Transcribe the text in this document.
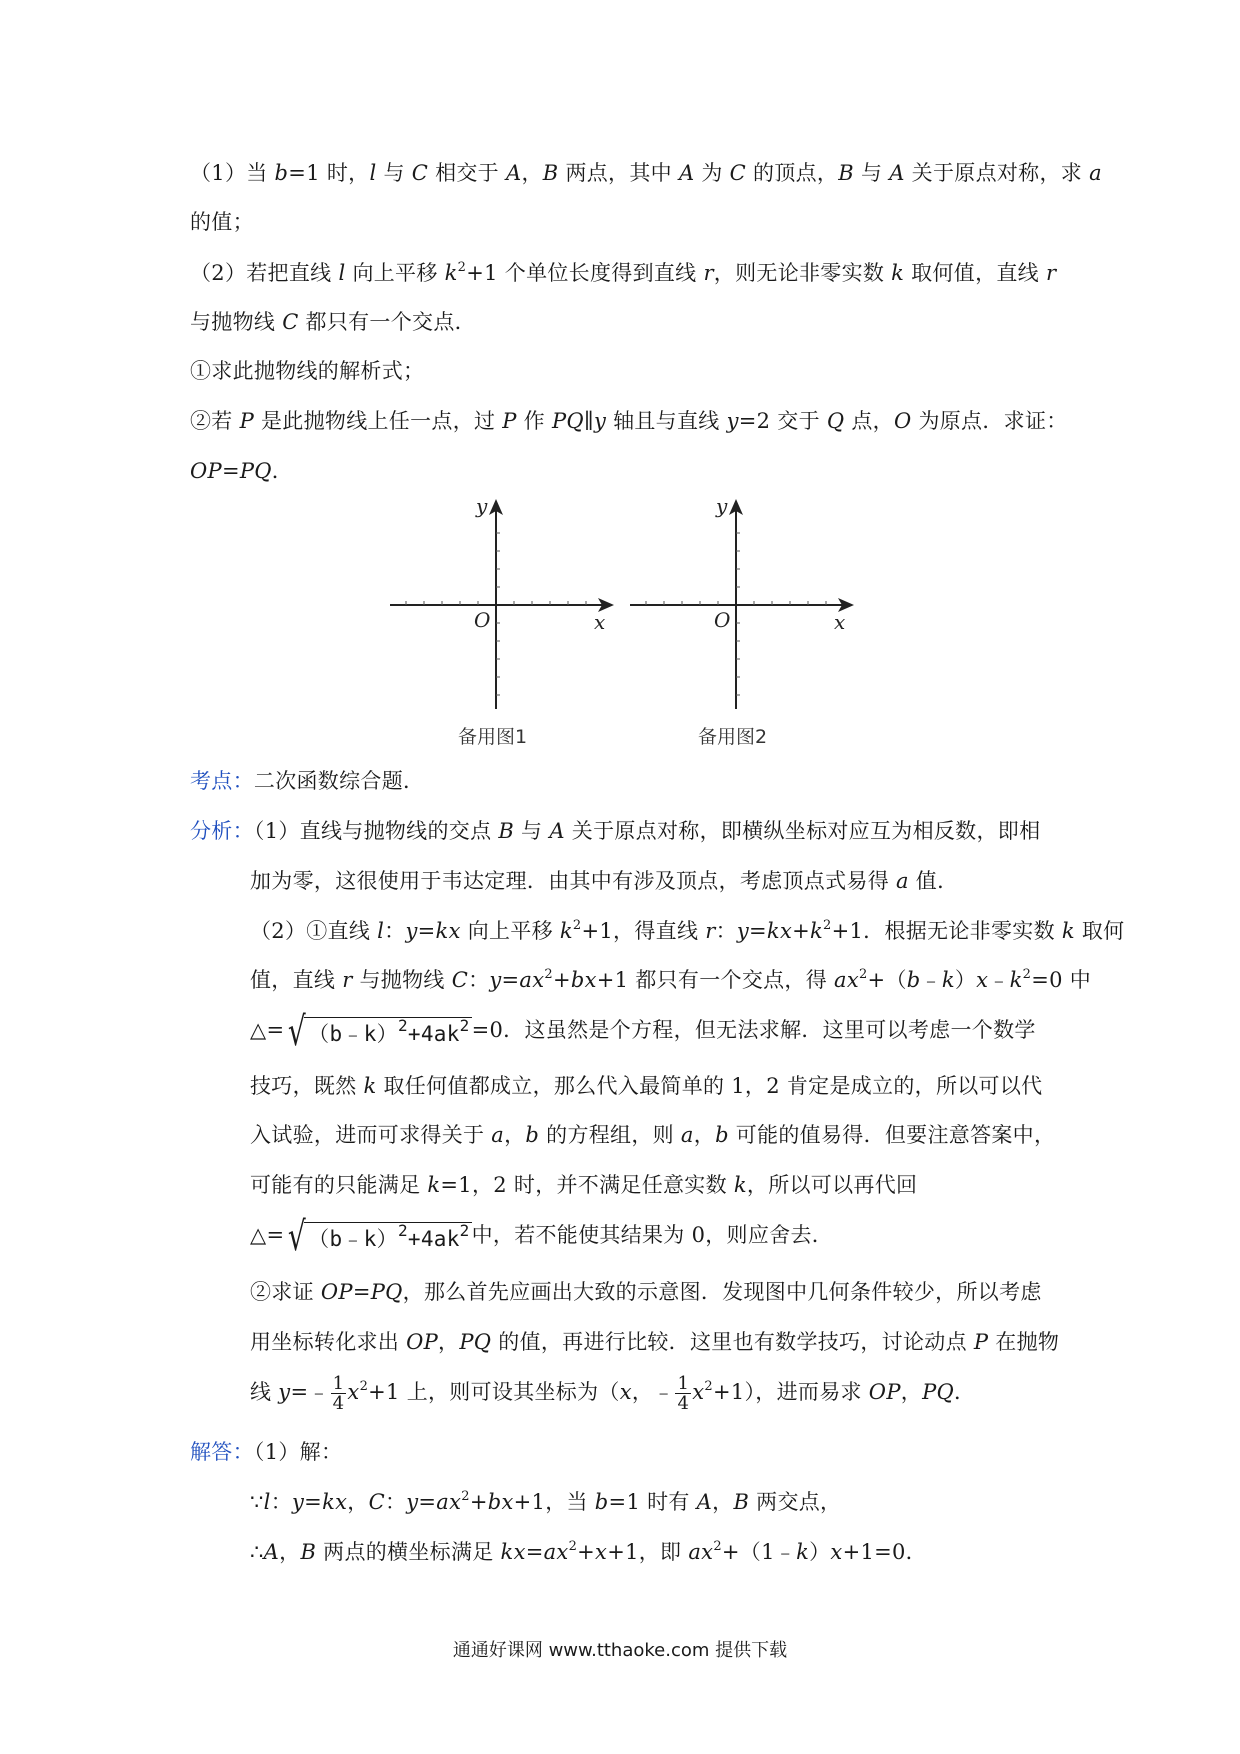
（1）当 b=1 时，l 与 C 相交于 A，B 两点，其中 A 为 C 的顶点，B 与 A 关于原点对称，求 a
的值；
（2）若把直线 l 向上平移 $k^2+1$ 个单位长度得到直线 r，则无论非零实数 k 取何值，直线 r
与抛物线 C 都只有一个交点．
①求此抛物线的解析式；
②若 P 是此抛物线上任一点，过 P 作 PQ∥y 轴且与直线 y=2 交于 Q 点，O 为原点．求证：
OP=PQ．
y
x
O
备用图1
y
x
O
备用图2
考点：二次函数综合题．
分析：（1）直线与抛物线的交点 B 与 A 关于原点对称，即横纵坐标对应互为相反数，即相
加为零，这很使用于韦达定理．由其中有涉及顶点，考虑顶点式易得 a 值．
（2）①直线 l：y=kx 向上平移 $k^2+1$，得直线 r：$y=kx+k^2+1$．根据无论非零实数 k 取何
值，直线 r 与抛物线 C：$y=ax^2+bx+1$ 都只有一个交点，得 $ax^2+(b﹣k)x﹣k^2=0$ 中
$\triangle=√(b﹣k)^2+4ak^2=0$．这虽然是个方程，但无法求解．这里可以考虑一个数学
技巧，既然 k 取任何值都成立，那么代入最简单的 1，2 肯定是成立的，所以可以代
入试验，进而可求得关于 a，b 的方程组，则 a，b 可能的值易得．但要注意答案中，
可能有的只能满足 k=1，2 时，并不满足任意实数 k，所以可以再代回
$\triangle=√(b﹣k)^2+4ak^2$中，若不能使其结果为 0，则应舍去．
②求证 OP=PQ，那么首先应画出大致的示意图．发现图中几何条件较少，所以考虑
用坐标转化求出 OP，PQ 的值，再进行比较．这里也有数学技巧，讨论动点 P 在抛物
线 y=﹣ $\frac{1}{4} x^2+1$ 上，则可设其坐标为（x，﹣ $\frac{1}{4} x^2+1$），进而易求 OP，PQ．
解答：（1）解：
∵l：y=kx，C：$y=ax^2+bx+1$，当 b=1 时有 A，B 两交点，
∴A，B 两点的横坐标满足 $kx=ax^2+x+1$，即 $ax^2+(1﹣k)x+1=0$．
通通好课网 www.tthaoke.com 提供下载
